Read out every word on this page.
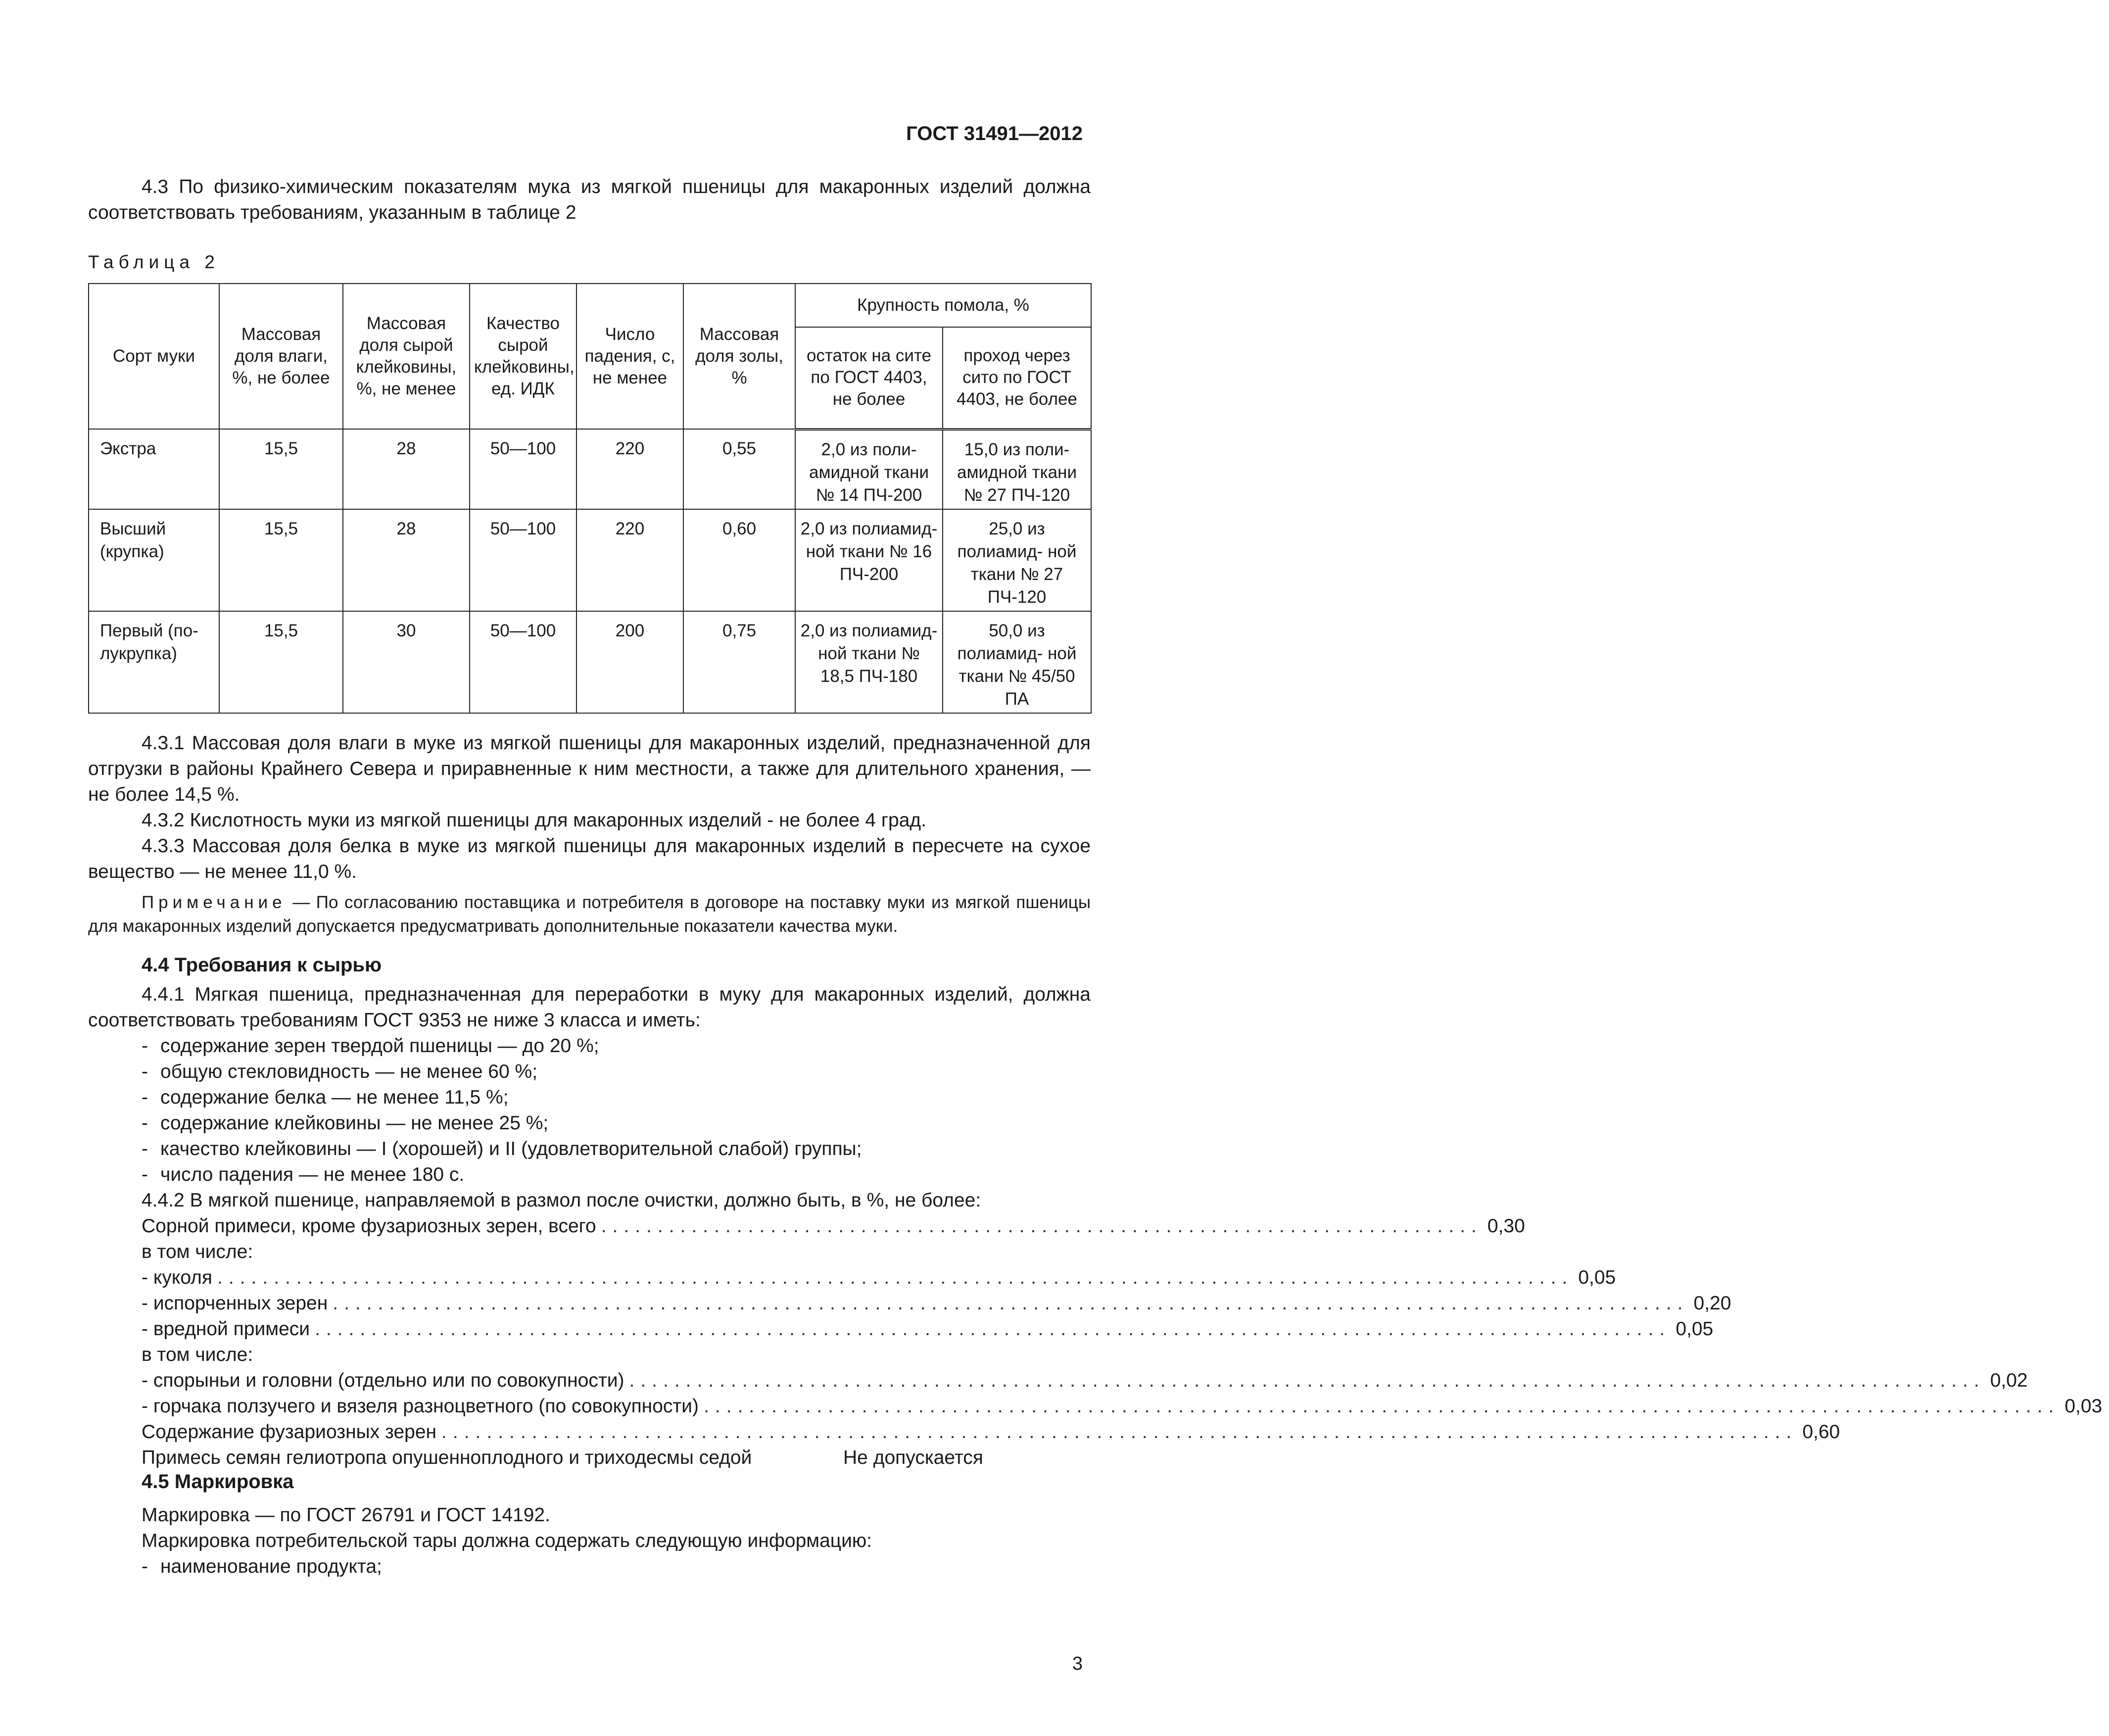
ГОСТ 31491—2012
4.3 По физико-химическим показателям мука из мягкой пшеницы для макаронных изделий должна соответствовать требованиям, указанным в таблице 2
Таблица 2
Сорт муки	Массовая доля влаги, %, не более	Массовая доля сырой клейковины, %, не менее	Качество сырой клейковины, ед. ИДК	Число падения, с, не менее	Массовая доля золы, %	Крупность помола, %	
						остаток на сите по ГОСТ 4403, не более	проход через сито по ГОСТ 4403, не более
Экстра	15,5	28	50—100	220	0,55	2,0 из поли- амидной ткани № 14 ПЧ-200	15,0 из поли- амидной ткани № 27 ПЧ-120
Высший (крупка)	15,5	28	50—100	220	0,60	2,0 из полиамид- ной ткани № 16 ПЧ-200	25,0 из полиамид- ной ткани № 27 ПЧ-120
Первый (по- лукрупка)	15,5	30	50—100	200	0,75	2,0 из полиамид- ной ткани № 18,5 ПЧ-180	50,0 из полиамид- ной ткани № 45/50 ПА
4.3.1 Массовая доля влаги в муке из мягкой пшеницы для макаронных изделий, предназначенной для отгрузки в районы Крайнего Севера и приравненные к ним местности, а также для длительного хранения, — не более 14,5 %.
4.3.2 Кислотность муки из мягкой пшеницы для макаронных изделий - не более 4 град.
4.3.3 Массовая доля белка в муке из мягкой пшеницы для макаронных изделий в пересчете на сухое вещество — не менее 11,0 %.
Примечание — По согласованию поставщика и потребителя в договоре на поставку муки из мягкой пшеницы для макаронных изделий допускается предусматривать дополнительные показатели качества муки.
4.4 Требования к сырью
4.4.1 Мягкая пшеница, предназначенная для переработки в муку для макаронных изделий, должна соответствовать требованиям ГОСТ 9353 не ниже 3 класса и иметь:
- содержание зерен твердой пшеницы — до 20 %;
- общую стекловидность — не менее 60 %;
- содержание белка — не менее 11,5 %;
- содержание клейковины — не менее 25 %;
- качество клейковины — I (хорошей) и II (удовлетворительной слабой) группы;
- число падения — не менее 180 с.
4.4.2 В мягкой пшенице, направляемой в размол после очистки, должно быть, в %, не более:
Сорной примеси, кроме фузариозных зерен, всего .............................................................................. 0,30
в том числе:
- куколя ........................................................................................................................ 0,05
- испорченных зерен ........................................................................................................................ 0,20
- вредной примеси ........................................................................................................................ 0,05
в том числе:
- спорыньи и головни (отдельно или по совокупности) ........................................................................................................................ 0,02
- горчака ползучего и вязеля разноцветного (по совокупности) ........................................................................................................................ 0,03
Содержание фузариозных зерен ........................................................................................................................ 0,60
Примесь семян гелиотропа опушенноплодного и триходесмы седой	Не допускается
4.5 Маркировка
Маркировка — по ГОСТ 26791 и ГОСТ 14192.
Маркировка потребительской тары должна содержать следующую информацию:
- наименование продукта;
3
